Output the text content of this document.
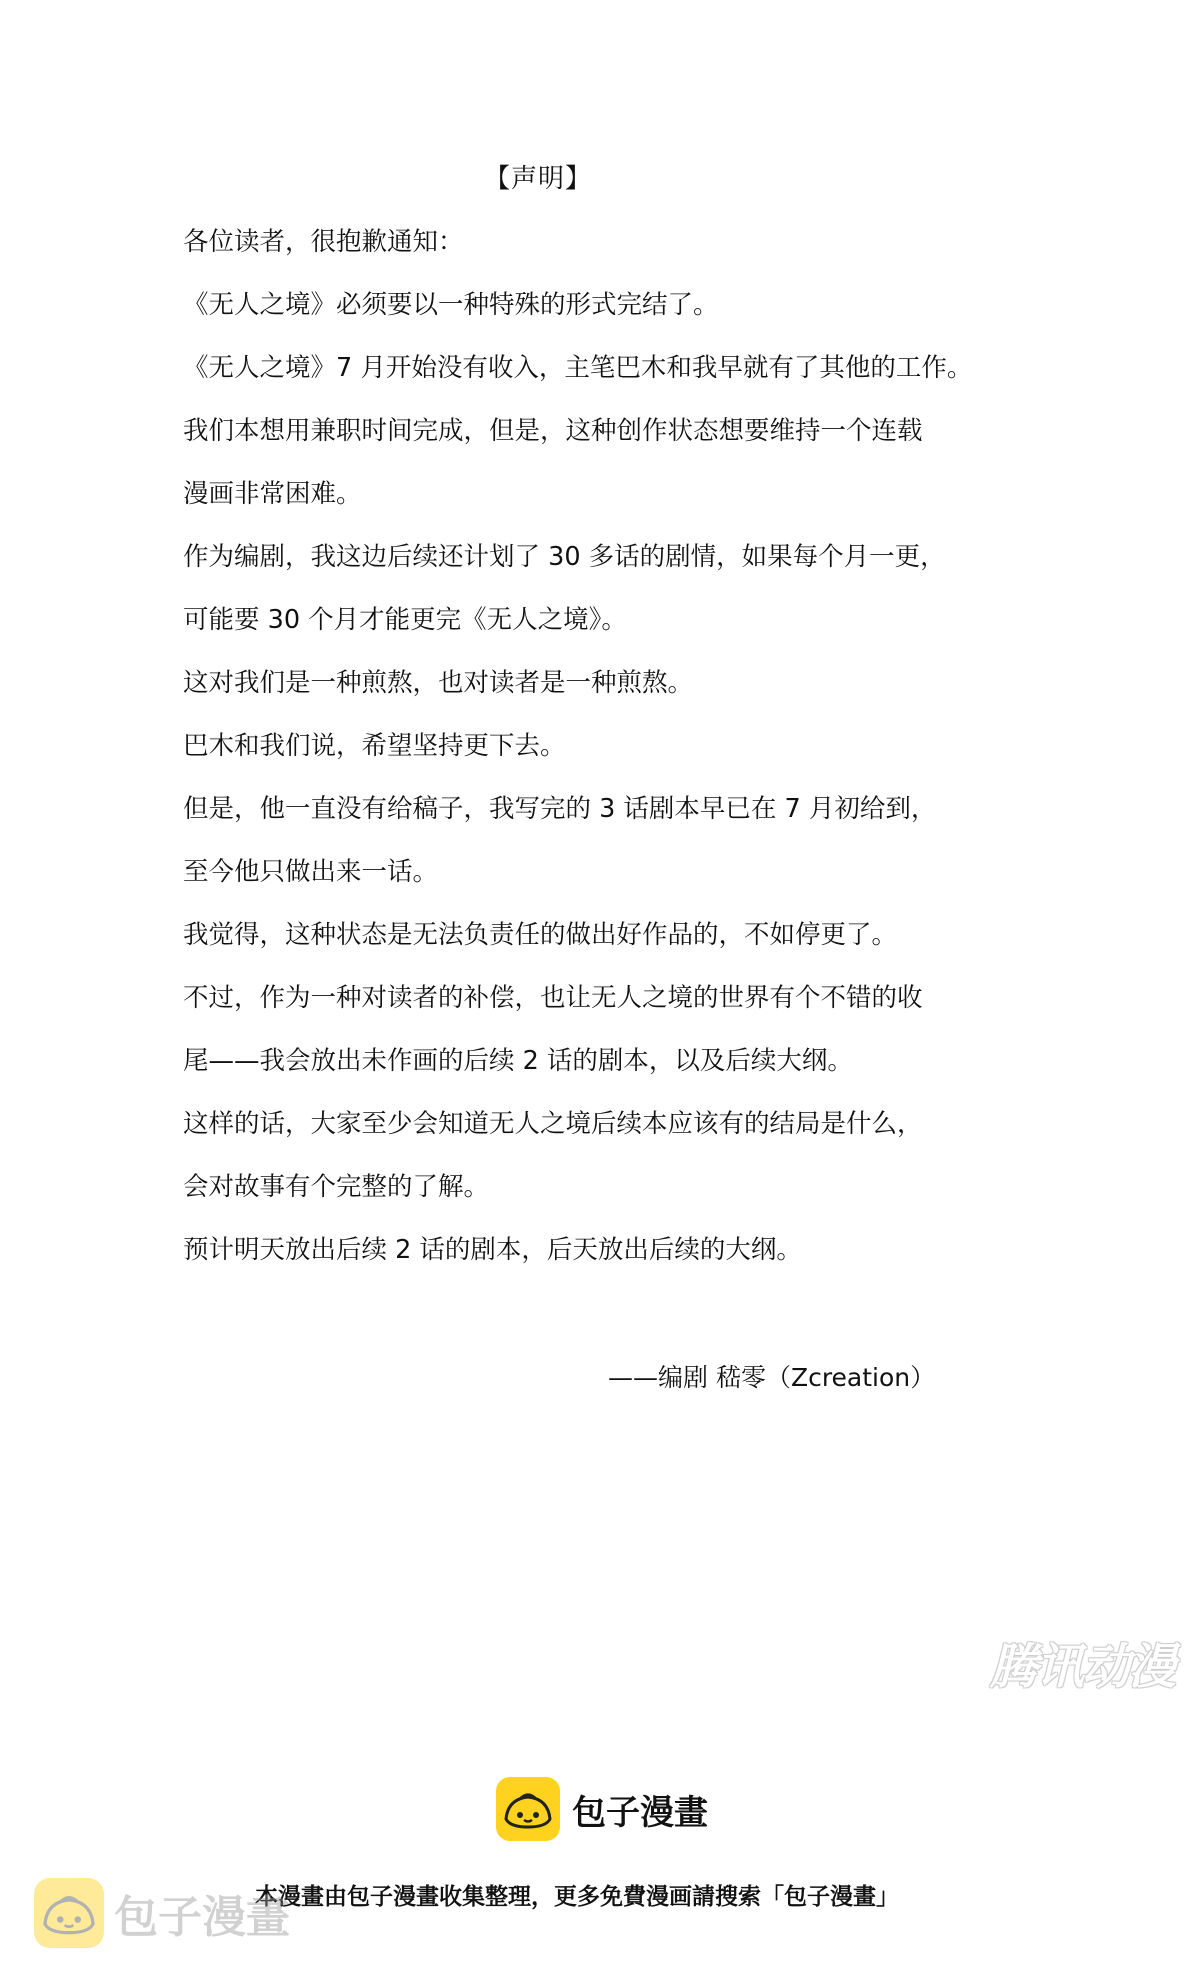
【声明】
各位读者，很抱歉通知：
《无人之境》必须要以一种特殊的形式完结了。
《无人之境》7 月开始没有收入，主笔巴木和我早就有了其他的工作。
我们本想用兼职时间完成，但是，这种创作状态想要维持一个连载
漫画非常困难。
作为编剧，我这边后续还计划了 30 多话的剧情，如果每个月一更，
可能要 30 个月才能更完《无人之境》。
这对我们是一种煎熬，也对读者是一种煎熬。
巴木和我们说，希望坚持更下去。
但是，他一直没有给稿子，我写完的 3 话剧本早已在 7 月初给到，
至今他只做出来一话。
我觉得，这种状态是无法负责任的做出好作品的，不如停更了。
不过，作为一种对读者的补偿，也让无人之境的世界有个不错的收
尾——我会放出未作画的后续 2 话的剧本，以及后续大纲。
这样的话，大家至少会知道无人之境后续本应该有的结局是什么，
会对故事有个完整的了解。
预计明天放出后续 2 话的剧本，后天放出后续的大纲。
——编剧 嵇零（Zcreation）
腾讯动漫
包子漫畫
本漫畫由包子漫畫收集整理，更多免費漫画請搜索「包子漫畫」
包子漫畫
